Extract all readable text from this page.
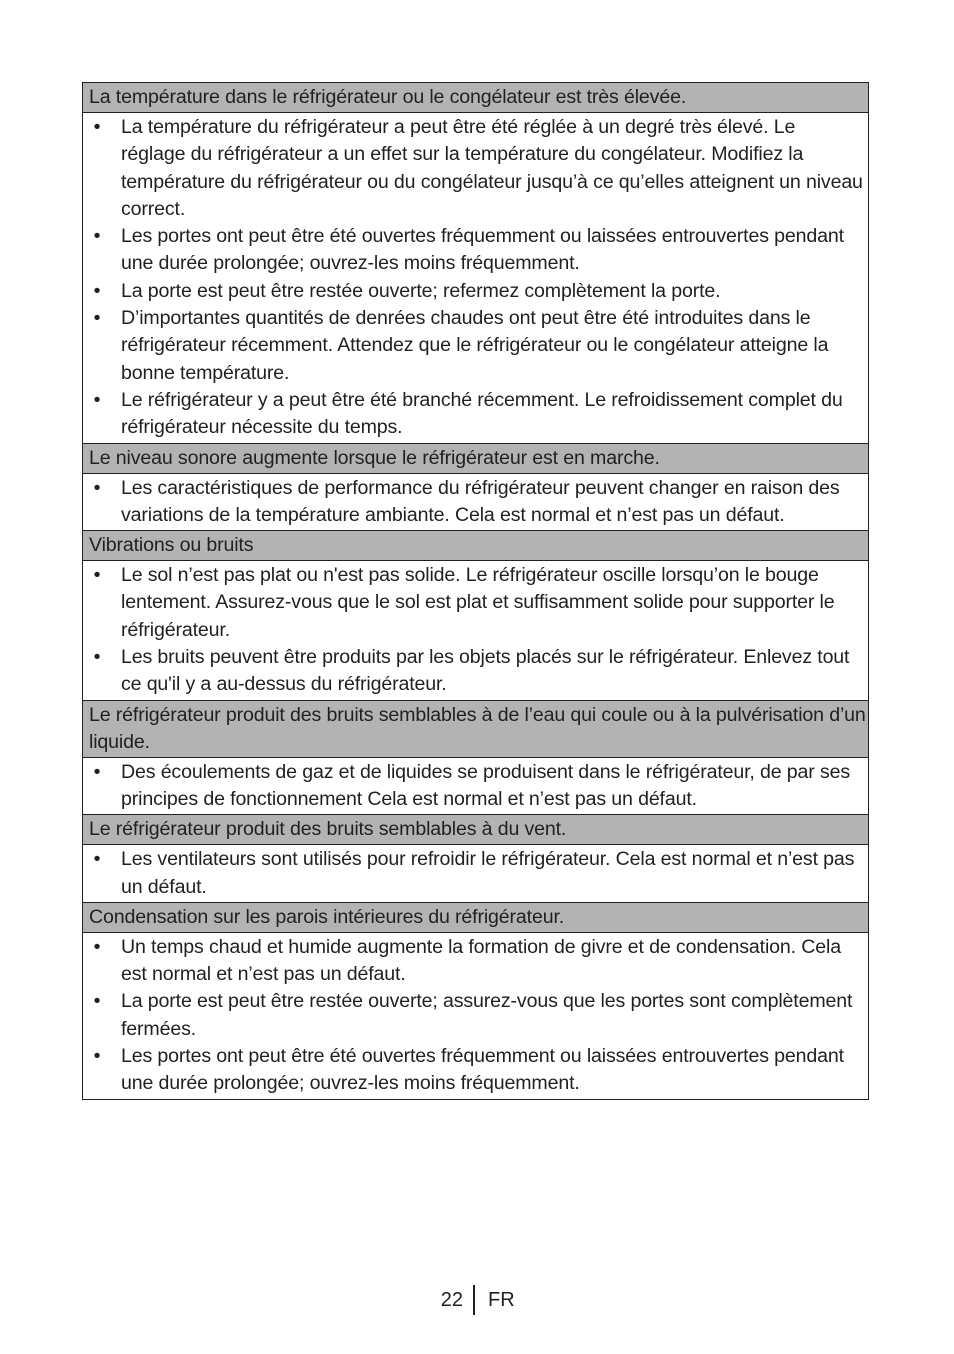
La température dans le réfrigérateur ou le congélateur est très élevée.

• La température du réfrigérateur a peut être été réglée à un degré très élevé. Le réglage du réfrigérateur a un effet sur la température du congélateur. Modifiez la température du réfrigérateur ou du congélateur jusqu’à ce qu’elles atteignent un niveau correct.
• Les portes ont peut être été ouvertes fréquemment ou laissées entrouvertes pendant une durée prolongée; ouvrez-les moins fréquemment.
• La porte est peut être restée ouverte; refermez complètement la porte.
• D’importantes quantités de denrées chaudes ont peut être été introduites dans le réfrigérateur récemment. Attendez que le réfrigérateur ou le congélateur atteigne la bonne température.
• Le réfrigérateur y a peut être été branché récemment. Le refroidissement complet du réfrigérateur nécessite du temps.

Le niveau sonore augmente lorsque le réfrigérateur est en marche.

• Les caractéristiques de performance du réfrigérateur peuvent changer en raison des variations de la température ambiante. Cela est normal et n’est pas un défaut.

Vibrations ou bruits

• Le sol n’est pas plat ou n'est pas solide. Le réfrigérateur oscille lorsqu’on le bouge lentement. Assurez-vous que le sol est plat et suffisamment solide pour supporter le réfrigérateur.
• Les bruits peuvent être produits par les objets placés sur le réfrigérateur. Enlevez tout ce qu'il y a au-dessus du réfrigérateur.

Le réfrigérateur produit des bruits semblables à de l’eau qui coule ou à la pulvérisation d’un liquide.

• Des écoulements de gaz et de liquides se produisent dans le réfrigérateur, de par ses principes de fonctionnement Cela est normal et n’est pas un défaut.

Le réfrigérateur produit des bruits semblables à du vent.

• Les ventilateurs sont utilisés pour refroidir le réfrigérateur. Cela est normal et n’est pas un défaut.

Condensation sur les parois intérieures du réfrigérateur.

• Un temps chaud et humide augmente la formation de givre et de condensation. Cela est normal et n’est pas un défaut.
• La porte est peut être restée ouverte; assurez-vous que les portes sont complètement fermées.
• Les portes ont peut être été ouvertes fréquemment ou laissées entrouvertes pendant une durée prolongée; ouvrez-les moins fréquemment.
22 FR
